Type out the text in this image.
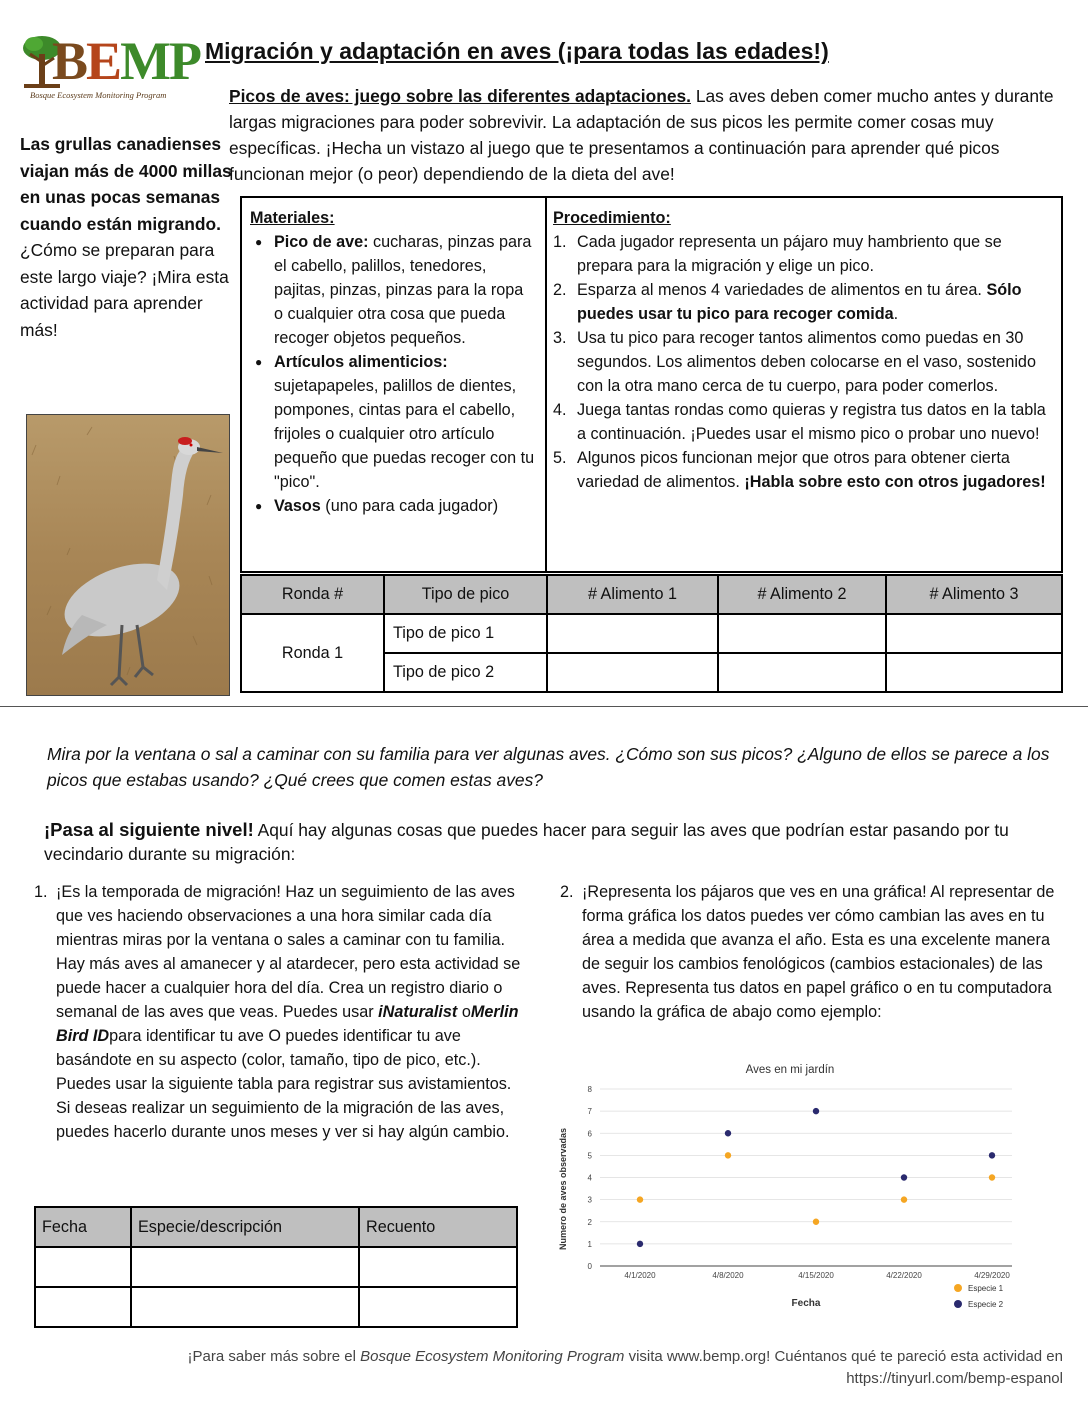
BEMP
Bosque Ecosystem Monitoring Program
Migración y adaptación en aves (¡para todas las edades!)
Picos de aves: juego sobre las diferentes adaptaciones. Las aves deben comer mucho antes y durante largas migraciones para poder sobrevivir. La adaptación de sus picos les permite comer cosas muy específicas. ¡Hecha un vistazo al juego que te presentamos a continuación para aprender qué picos funcionan mejor (o peor) dependiendo de la dieta del ave!
Las grullas canadienses viajan más de 4000 millas en unas pocas semanas cuando están migrando. ¿Cómo se preparan para este largo viaje? ¡Mira esta actividad para aprender más!
Materiales:
● Pico de ave: cucharas, pinzas para el cabello, palillos, tenedores, pajitas, pinzas, pinzas para la ropa o cualquier otra cosa que pueda recoger objetos pequeños.
● Artículos alimenticios: sujetapapeles, palillos de dientes, pompones, cintas para el cabello, frijoles o cualquier otro artículo pequeño que puedas recoger con tu "pico".
● Vasos (uno para cada jugador)
Procedimiento:
1. Cada jugador representa un pájaro muy hambriento que se prepara para la migración y elige un pico.
2. Esparza al menos 4 variedades de alimentos en tu área. Sólo puedes usar tu pico para recoger comida.
3. Usa tu pico para recoger tantos alimentos como puedas en 30 segundos. Los alimentos deben colocarse en el vaso, sostenido con la otra mano cerca de tu cuerpo, para poder comerlos.
4. Juega tantas rondas como quieras y registra tus datos en la tabla a continuación. ¡Puedes usar el mismo pico o probar uno nuevo!
5. Algunos picos funcionan mejor que otros para obtener cierta variedad de alimentos. ¡Habla sobre esto con otros jugadores!
Ronda #	Tipo de pico	# Alimento 1	# Alimento 2	# Alimento 3
Ronda 1	Tipo de pico 1			
	Tipo de pico 2			
Mira por la ventana o sal a caminar con su familia para ver algunas aves. ¿Cómo son sus picos? ¿Alguno de ellos se parece a los picos que estabas usando? ¿Qué crees que comen estas aves?
¡Pasa al siguiente nivel! Aquí hay algunas cosas que puedes hacer para seguir las aves que podrían estar pasando por tu vecindario durante su migración:
1. ¡Es la temporada de migración! Haz un seguimiento de las aves que ves haciendo observaciones a una hora similar cada día mientras miras por la ventana o sales a caminar con tu familia. Hay más aves al amanecer y al atardecer, pero esta actividad se puede hacer a cualquier hora del día. Crea un registro diario o semanal de las aves que veas. Puedes usar iNaturalist oMerlin Bird IDpara identificar tu ave O puedes identificar tu ave basándote en su aspecto (color, tamaño, tipo de pico, etc.). Puedes usar la siguiente tabla para registrar sus avistamientos. Si deseas realizar un seguimiento de la migración de las aves, puedes hacerlo durante unos meses y ver si hay algún cambio.
2. ¡Representa los pájaros que ves en una gráfica! Al representar de forma gráfica los datos puedes ver cómo cambian las aves en tu área a medida que avanza el año. Esta es una excelente manera de seguir los cambios fenológicos (cambios estacionales) de las aves. Representa tus datos en papel gráfico o en tu computadora usando la gráfica de abajo como ejemplo:
Fecha	Especie/descripción	Recuento

Aves en mi jardín
Numero de aves observadas
Fecha
0
1
2
3
4
5
6
7
8
4/1/2020	4/8/2020	4/15/2020	4/22/2020	4/29/2020
Especie 1
Especie 2
¡Para saber más sobre el Bosque Ecosystem Monitoring Program visita www.bemp.org! Cuéntanos qué te pareció esta actividad en https://tinyurl.com/bemp-espanol
